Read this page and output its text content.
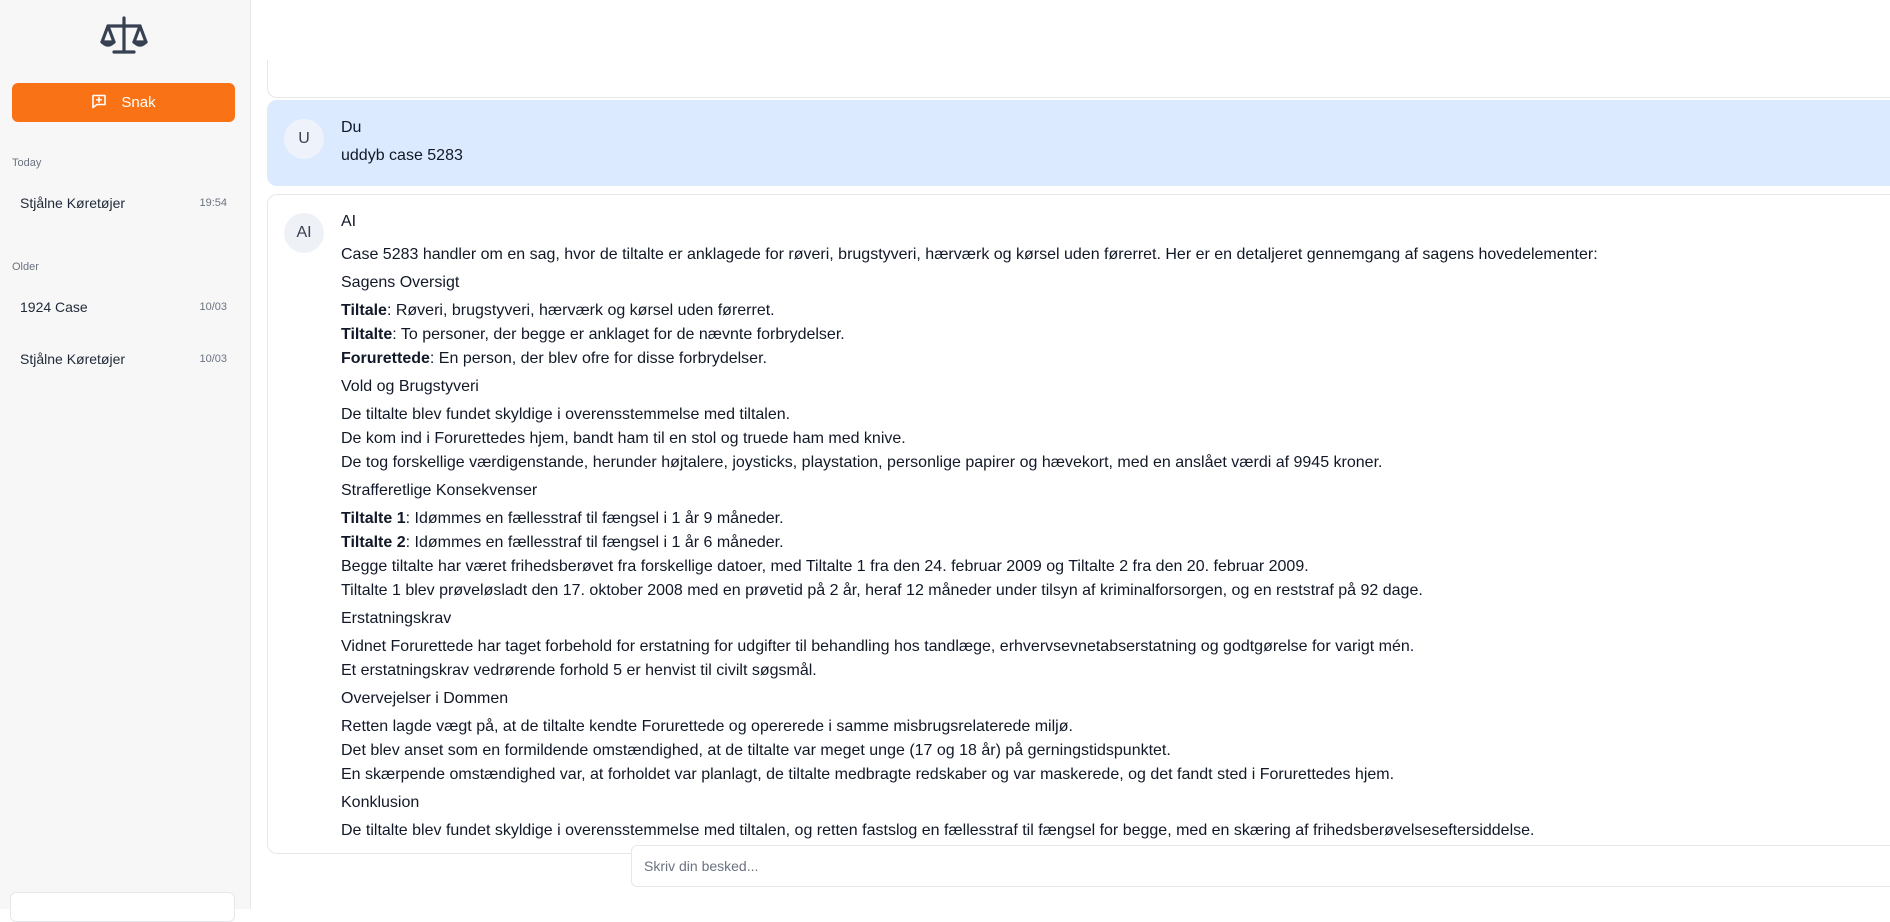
Snak
Today
Stjålne Køretøjer	19:54
Older
1924 Case	10/03
Stjålne Køretøjer	10/03
U
Du
uddyb case 5283
AI
AI
Case 5283 handler om en sag, hvor de tiltalte er anklagede for røveri, brugstyveri, hærværk og kørsel uden førerret. Her er en detaljeret gennemgang af sagens hovedelementer:
Sagens Oversigt
Tiltale: Røveri, brugstyveri, hærværk og kørsel uden førerret.
Tiltalte: To personer, der begge er anklaget for de nævnte forbrydelser.
Forurettede: En person, der blev ofre for disse forbrydelser.
Vold og Brugstyveri
De tiltalte blev fundet skyldige i overensstemmelse med tiltalen.
De kom ind i Forurettedes hjem, bandt ham til en stol og truede ham med knive.
De tog forskellige værdigenstande, herunder højtalere, joysticks, playstation, personlige papirer og hævekort, med en anslået værdi af 9945 kroner.
Strafferetlige Konsekvenser
Tiltalte 1: Idømmes en fællesstraf til fængsel i 1 år 9 måneder.
Tiltalte 2: Idømmes en fællesstraf til fængsel i 1 år 6 måneder.
Begge tiltalte har været frihedsberøvet fra forskellige datoer, med Tiltalte 1 fra den 24. februar 2009 og Tiltalte 2 fra den 20. februar 2009.
Tiltalte 1 blev prøveløsladt den 17. oktober 2008 med en prøvetid på 2 år, heraf 12 måneder under tilsyn af kriminalforsorgen, og en reststraf på 92 dage.
Erstatningskrav
Vidnet Forurettede har taget forbehold for erstatning for udgifter til behandling hos tandlæge, erhvervsevnetabserstatning og godtgørelse for varigt mén.
Et erstatningskrav vedrørende forhold 5 er henvist til civilt søgsmål.
Overvejelser i Dommen
Retten lagde vægt på, at de tiltalte kendte Forurettede og opererede i samme misbrugsrelaterede miljø.
Det blev anset som en formildende omstændighed, at de tiltalte var meget unge (17 og 18 år) på gerningstidspunktet.
En skærpende omstændighed var, at forholdet var planlagt, de tiltalte medbragte redskaber og var maskerede, og det fandt sted i Forurettedes hjem.
Konklusion
De tiltalte blev fundet skyldige i overensstemmelse med tiltalen, og retten fastslog en fællesstraf til fængsel for begge, med en skæring af frihedsberøvelseseftersiddelse.
Skriv din besked...
